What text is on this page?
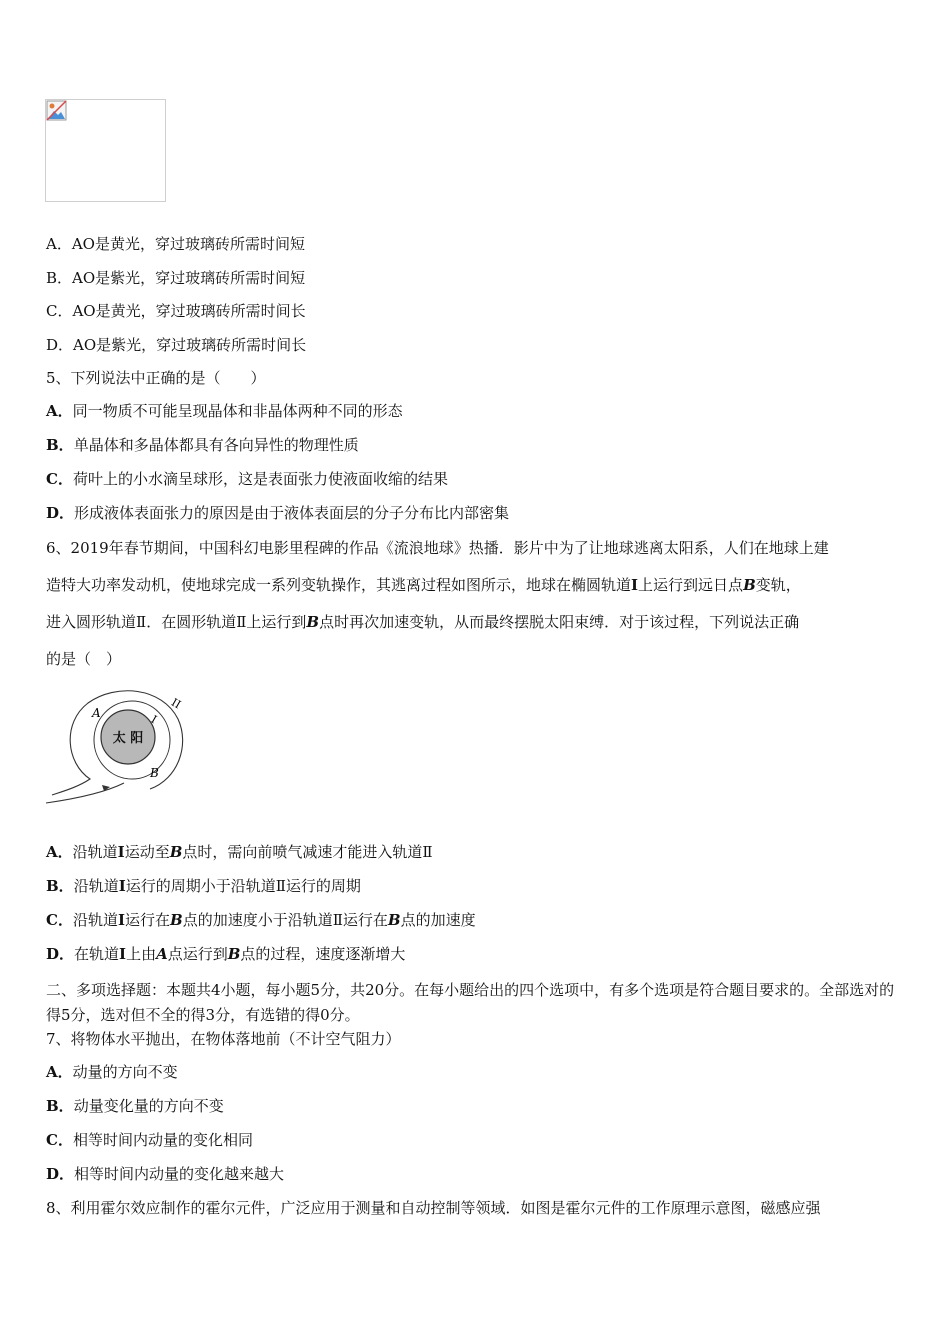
A．AO是黄光，穿过玻璃砖所需时间短
B．AO是紫光，穿过玻璃砖所需时间短
C．AO是黄光，穿过玻璃砖所需时间长
D．AO是紫光，穿过玻璃砖所需时间长
5、下列说法中正确的是（　　）
A．同一物质不可能呈现晶体和非晶体两种不同的形态
B．单晶体和多晶体都具有各向异性的物理性质
C．荷叶上的小水滴呈球形，这是表面张力使液面收缩的结果
D．形成液体表面张力的原因是由于液体表面层的分子分布比内部密集
6、2019年春节期间，中国科幻电影里程碑的作品《流浪地球》热播．影片中为了让地球逃离太阳系，人们在地球上建
造特大功率发动机，使地球完成一系列变轨操作，其逃离过程如图所示，地球在椭圆轨道I上运行到远日点B变轨，
进入圆形轨道Ⅱ．在圆形轨道Ⅱ上运行到B点时再次加速变轨，从而最终摆脱太阳束缚．对于该过程，下列说法正确
的是（　）
太 阳
A
B
I
II
A．沿轨道I运动至B点时，需向前喷气减速才能进入轨道Ⅱ
B．沿轨道I运行的周期小于沿轨道Ⅱ运行的周期
C．沿轨道I运行在B点的加速度小于沿轨道Ⅱ运行在B点的加速度
D．在轨道I上由A点运行到B点的过程，速度逐渐增大
二、多项选择题：本题共4小题，每小题5分，共20分。在每小题给出的四个选项中，有多个选项是符合题目要求的。全部选对的得5分，选对但不全的得3分，有选错的得0分。
7、将物体水平抛出，在物体落地前（不计空气阻力）
A．动量的方向不变
B．动量变化量的方向不变
C．相等时间内动量的变化相同
D．相等时间内动量的变化越来越大
8、利用霍尔效应制作的霍尔元件，广泛应用于测量和自动控制等领域．如图是霍尔元件的工作原理示意图，磁感应强
